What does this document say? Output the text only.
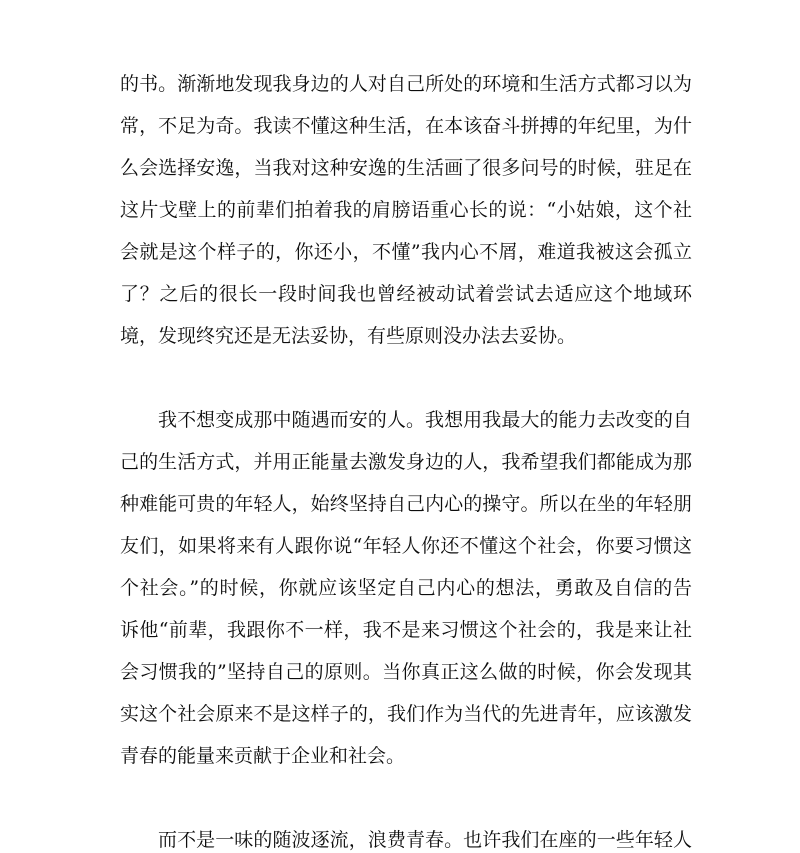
的书。渐渐地发现我身边的人对自己所处的环境和生活方式都习以为
常，不足为奇。我读不懂这种生活，在本该奋斗拼搏的年纪里，为什
么会选择安逸，当我对这种安逸的生活画了很多问号的时候，驻足在
这片戈壁上的前辈们拍着我的肩膀语重心长的说：“小姑娘，这个社
会就是这个样子的，你还小，不懂”我内心不屑，难道我被这会孤立
了？之后的很长一段时间我也曾经被动试着尝试去适应这个地域环
境，发现终究还是无法妥协，有些原则没办法去妥协。
我不想变成那中随遇而安的人。我想用我最大的能力去改变的自
己的生活方式，并用正能量去激发身边的人，我希望我们都能成为那
种难能可贵的年轻人，始终坚持自己内心的操守。所以在坐的年轻朋
友们，如果将来有人跟你说“年轻人你还不懂这个社会，你要习惯这
个社会。”的时候，你就应该坚定自己内心的想法，勇敢及自信的告
诉他“前辈，我跟你不一样，我不是来习惯这个社会的，我是来让社
会习惯我的”坚持自己的原则。当你真正这么做的时候，你会发现其
实这个社会原来不是这样子的，我们作为当代的先进青年，应该激发
青春的能量来贡献于企业和社会。
而不是一味的随波逐流，浪费青春。也许我们在座的一些年轻人
